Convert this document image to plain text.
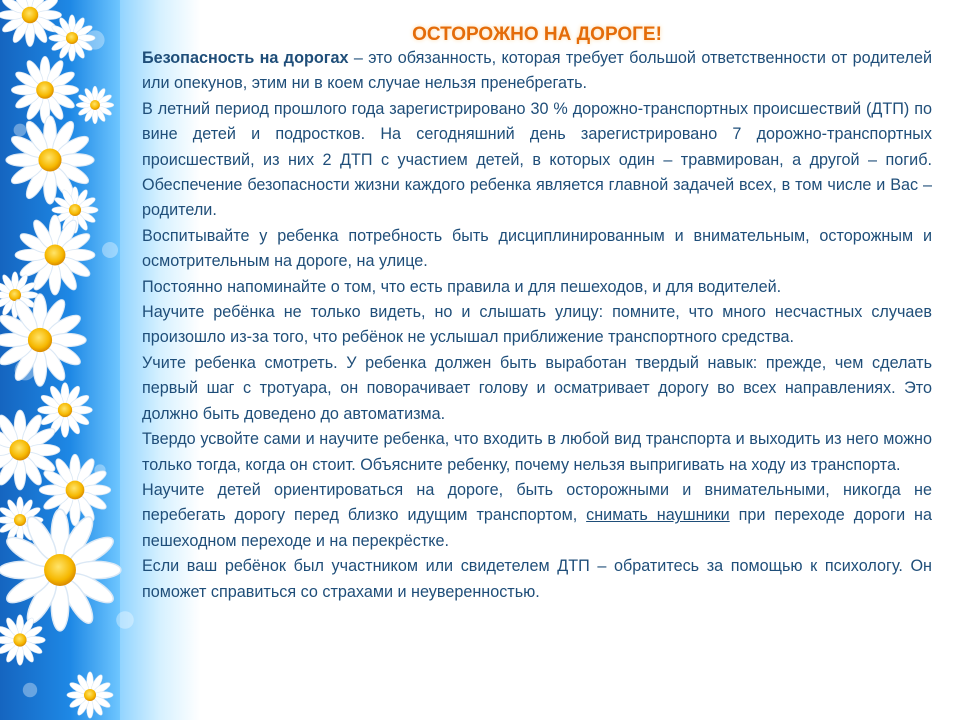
ОСТОРОЖНО НА ДОРОГЕ!

Безопасность на дорогах – это обязанность, которая требует большой ответственности от родителей или опекунов, этим ни в коем случае нельзя пренебрегать.

В летний период прошлого года зарегистрировано 30 % дорожно-транспортных происшествий (ДТП) по вине детей и подростков. На сегодняшний день зарегистрировано 7 дорожно-транспортных происшествий, из них 2 ДТП с участием детей, в которых один – травмирован, а другой – погиб. Обеспечение безопасности жизни каждого ребенка является главной задачей всех, в том числе и Вас – родители.

Воспитывайте у ребенка потребность быть дисциплинированным и внимательным, осторожным и осмотрительным на дороге, на улице.

Постоянно напоминайте о том, что есть правила и для пешеходов, и для водителей.

Научите ребёнка не только видеть, но и слышать улицу: помните, что много несчастных случаев произошло из-за того, что ребёнок не услышал приближение транспортного средства.

Учите ребенка смотреть. У ребенка должен быть выработан твердый навык: прежде, чем сделать первый шаг с тротуара, он поворачивает голову и осматривает дорогу во всех направлениях. Это должно быть доведено до автоматизма.

Твердо усвойте сами и научите ребенка, что входить в любой вид транспорта и выходить из него можно только тогда, когда он стоит. Объясните ребенку, почему нельзя выпригивать на ходу из транспорта.

Научите детей ориентироваться на дороге, быть осторожными и внимательными, никогда не перебегать дорогу перед близко идущим транспортом, снимать наушники при переходе дороги на пешеходном переходе и на перекрёстке.

Если ваш ребёнок был участником или свидетелем ДТП – обратитесь за помощью к психологу. Он поможет справиться со страхами и неуверенностью.
